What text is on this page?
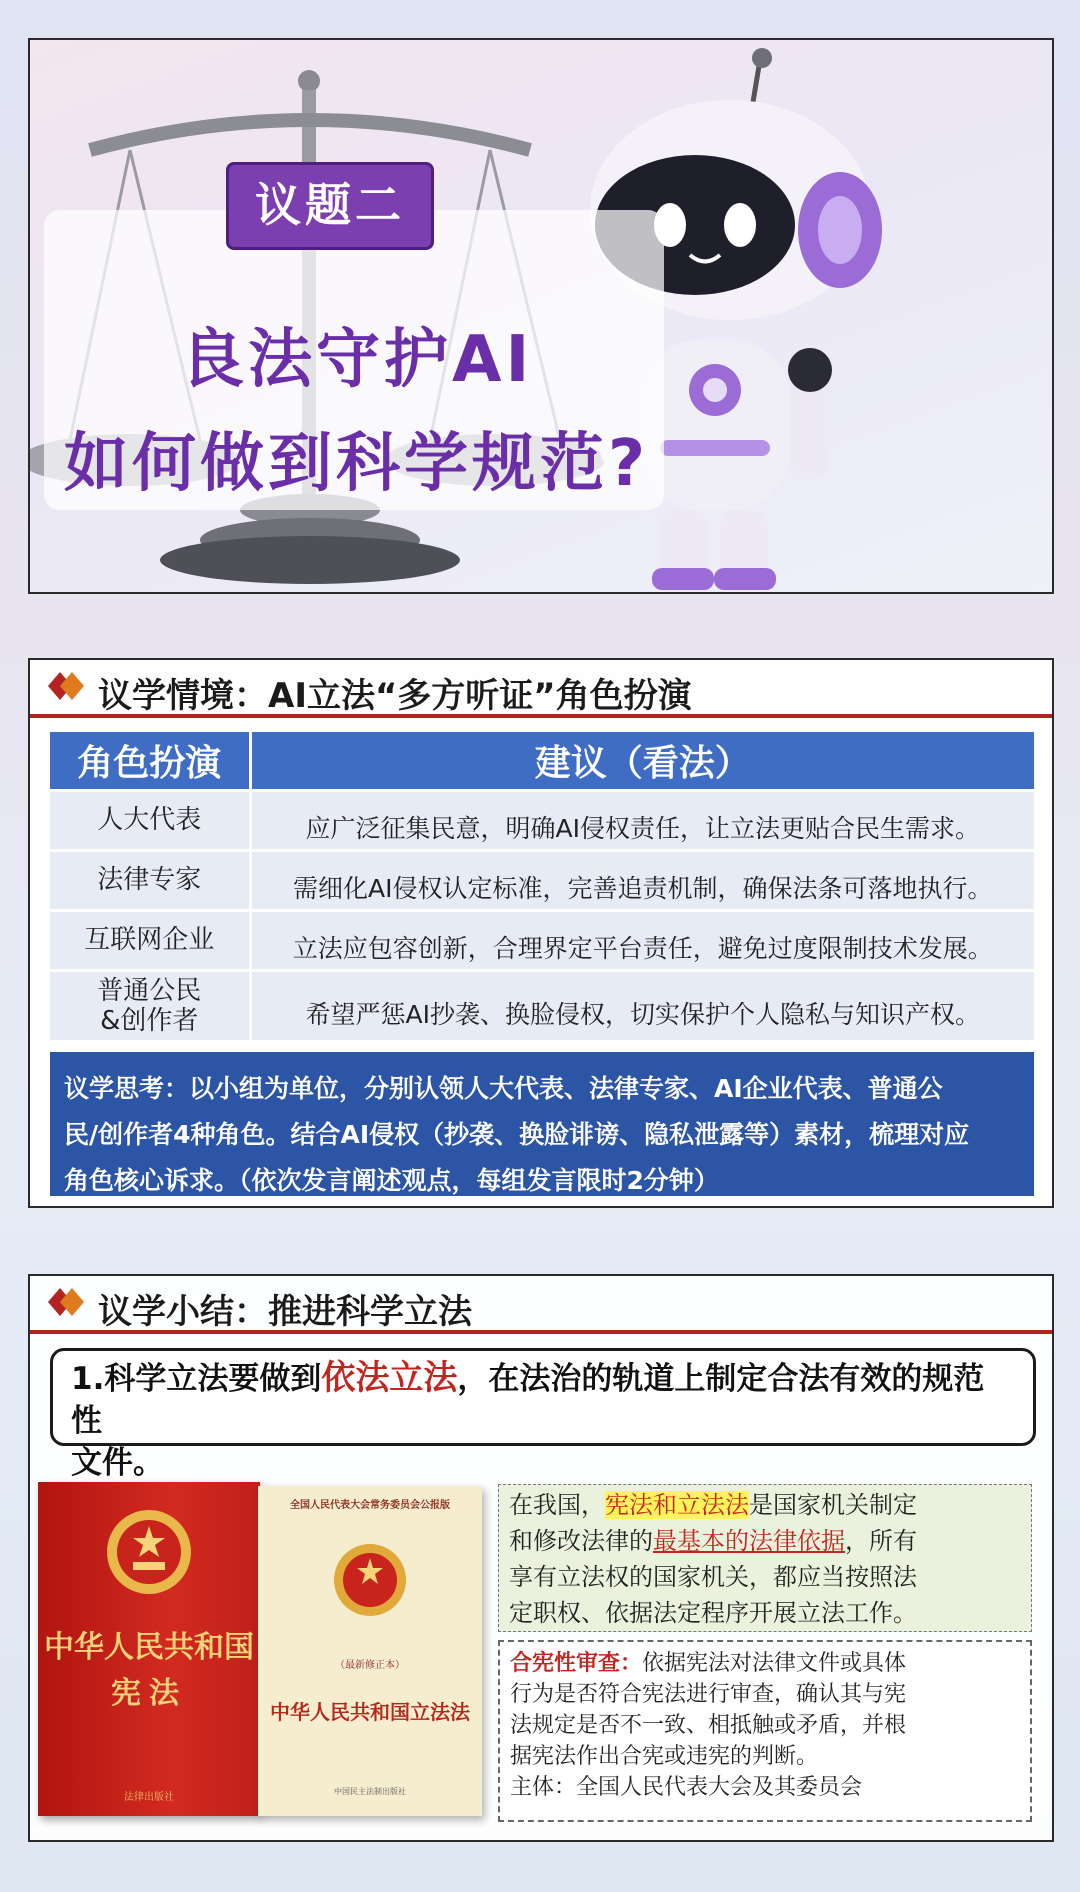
议题二
良法守护AI
如何做到科学规范?
议学情境：AI立法“多方听证”角色扮演
角色扮演	建议（看法）
人大代表	应广泛征集民意，明确AI侵权责任，让立法更贴合民生需求。
法律专家	需细化AI侵权认定标准，完善追责机制，确保法条可落地执行。
互联网企业	立法应包容创新，合理界定平台责任，避免过度限制技术发展。

普通公民
&创作者	希望严惩AI抄袭、换脸侵权，切实保护个人隐私与知识产权。
议学思考：以小组为单位，分别认领人大代表、法律专家、AI企业代表、普通公
民/创作者4种角色。结合AI侵权（抄袭、换脸诽谤、隐私泄露等）素材，梳理对应
角色核心诉求。（依次发言阐述观点，每组发言限时2分钟）
议学小结：推进科学立法
1.科学立法要做到依法立法，在法治的轨道上制定合法有效的规范性
文件。
中华人民共和国
宪法
法律出版社
全国人民代表大会常务委员会公报版
（最新修正本）
中华人民共和国立法法
中国民主法制出版社
在我国，宪法和立法法是国家机关制定
和修改法律的最基本的法律依据，所有
享有立法权的国家机关，都应当按照法
定职权、依据法定程序开展立法工作。
合宪性审查：依据宪法对法律文件或具体
行为是否符合宪法进行审查，确认其与宪
法规定是否不一致、相抵触或矛盾，并根
据宪法作出合宪或违宪的判断。
主体：全国人民代表大会及其委员会
